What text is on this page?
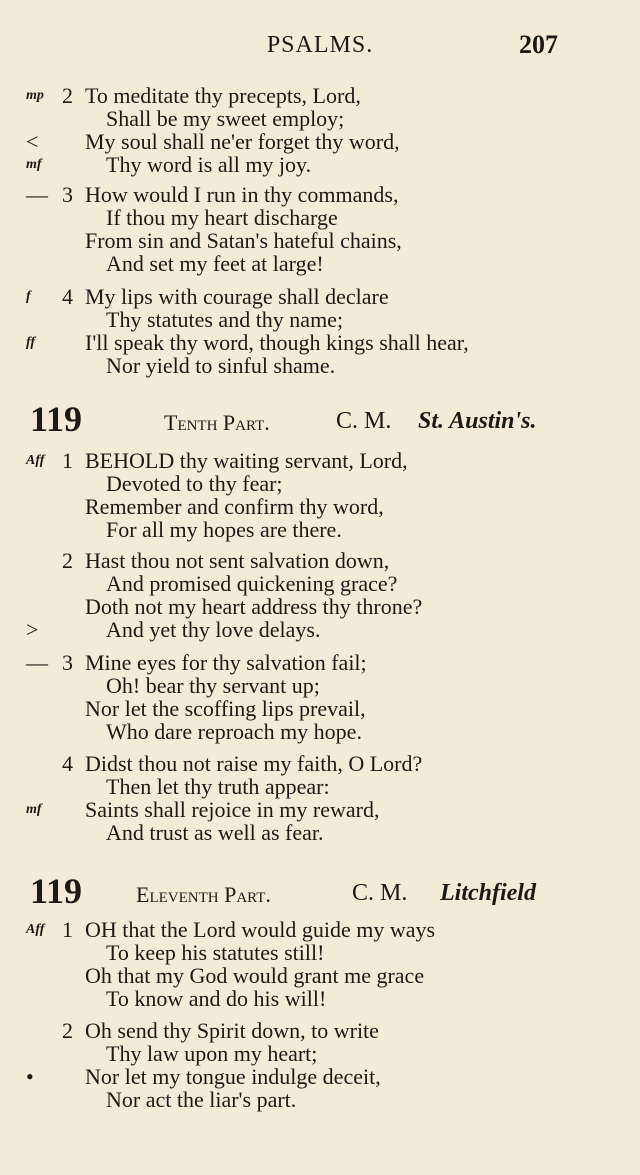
PSALMS.	207
mp 2 To meditate thy precepts, Lord,
Shall be my sweet employ;
<	My soul shall ne'er forget thy word,
mf	Thy word is all my joy.
— 3 How would I run in thy commands,
If thou my heart discharge
From sin and Satan's hateful chains,
And set my feet at large!
f	4 My lips with courage shall declare
Thy statutes and thy name;
ff	I'll speak thy word, though kings shall hear,
Nor yield to sinful shame.
119	Tenth Part.	C. M. St. Austin's.
Aff 1 BEHOLD thy waiting servant, Lord,
Devoted to thy fear;
Remember and confirm thy word,
For all my hopes are there.
2 Hast thou not sent salvation down,
And promised quickening grace?
Doth not my heart address thy throne?
>	And yet thy love delays.
— 3 Mine eyes for thy salvation fail;
Oh! bear thy servant up;
Nor let the scoffing lips prevail,
Who dare reproach my hope.
4 Didst thou not raise my faith, O Lord?
Then let thy truth appear:
mf	Saints shall rejoice in my reward,
And trust as well as fear.
119 Eleventh Part.	C. M. Litchfield
Aff 1 OH that the Lord would guide my ways
To keep his statutes still!
Oh that my God would grant me grace
To know and do his will!
2 Oh send thy Spirit down, to write
Thy law upon my heart;
•	Nor let my tongue indulge deceit,
Nor act the liar's part.
